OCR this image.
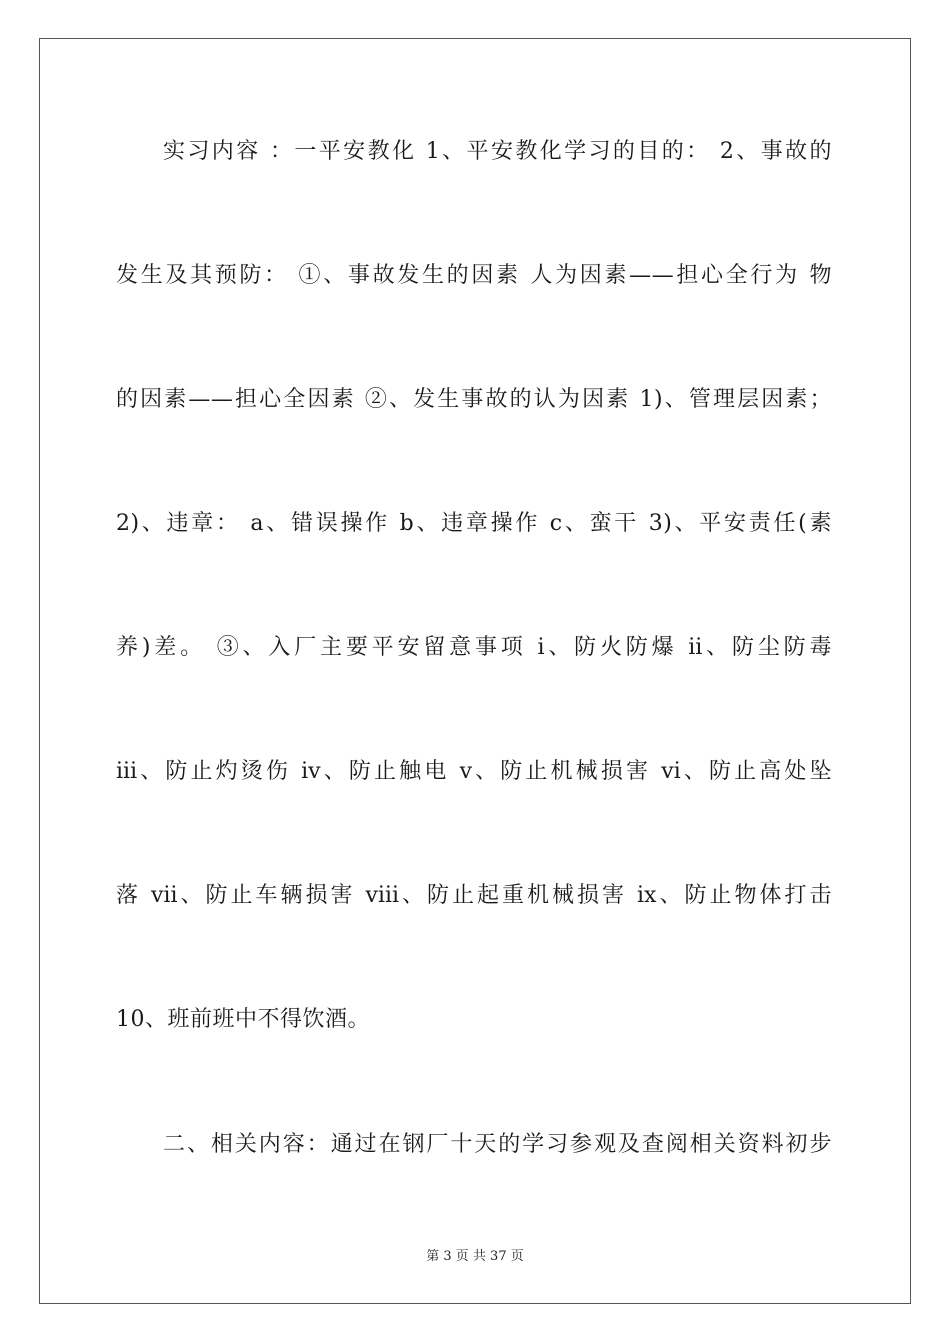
实习内容 ：一平安教化 1、平安教化学习的目的： 2、事故的
发生及其预防： ①、事故发生的因素 人为因素——担心全行为 物
的因素——担心全因素 ②、发生事故的认为因素 1)、管理层因素；
2)、违章： a、错误操作 b、违章操作 c、蛮干 3)、平安责任(素
养)差。 ③、入厂主要平安留意事项 ⅰ、防火防爆 ⅱ、防尘防毒
ⅲ、防止灼烫伤 ⅳ、防止触电 ⅴ、防止机械损害 ⅵ、防止高处坠
落 ⅶ、防止车辆损害 ⅷ、防止起重机械损害 ⅸ、防止物体打击
10、班前班中不得饮酒。
二、相关内容：通过在钢厂十天的学习参观及查阅相关资料初步
第 3 页 共 37 页
